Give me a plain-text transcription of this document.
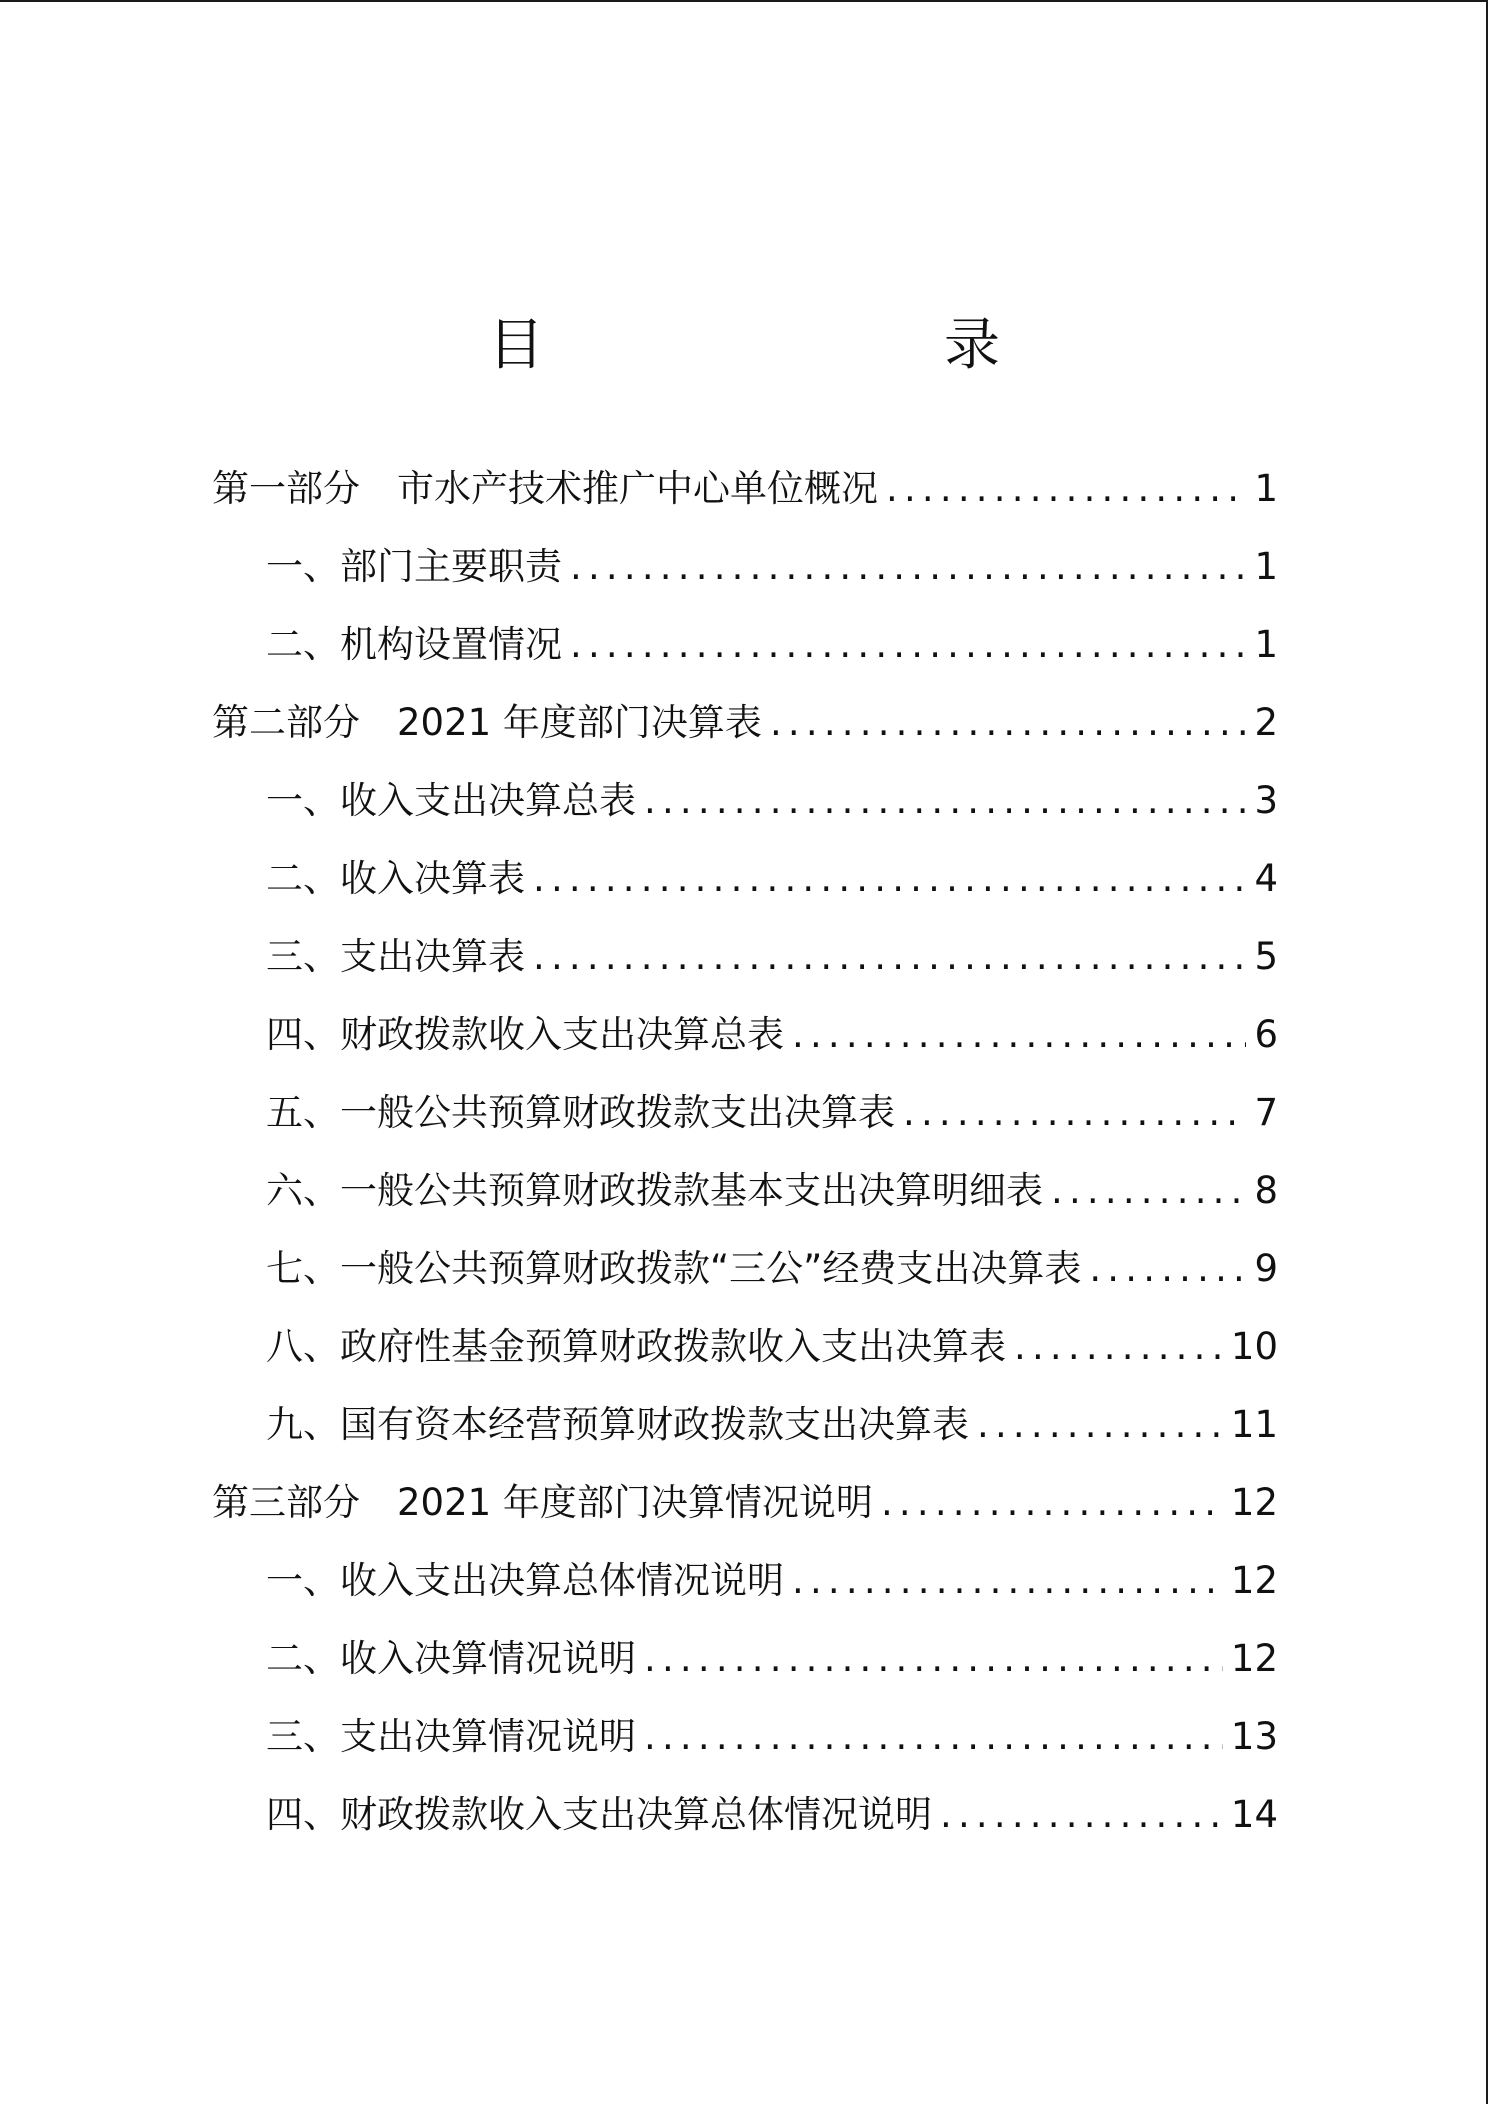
目　　录
第一部分　市水产技术推广中心单位概况 .....	1
一、部门主要职责 .....	1
二、机构设置情况 .....	1
第二部分　2021 年度部门决算表 .....	2
一、收入支出决算总表 .....	3
二、收入决算表 .....	4
三、支出决算表 .....	5
四、财政拨款收入支出决算总表 .....	6
五、一般公共预算财政拨款支出决算表 .....	7
六、一般公共预算财政拨款基本支出决算明细表 .....	8
七、一般公共预算财政拨款“三公”经费支出决算表 .....	9
八、政府性基金预算财政拨款收入支出决算表 .....	10
九、国有资本经营预算财政拨款支出决算表 .....	11
第三部分　2021 年度部门决算情况说明 .....	12
一、收入支出决算总体情况说明 .....	12
二、收入决算情况说明 .....	12
三、支出决算情况说明 .....	13
四、财政拨款收入支出决算总体情况说明 .....	14
